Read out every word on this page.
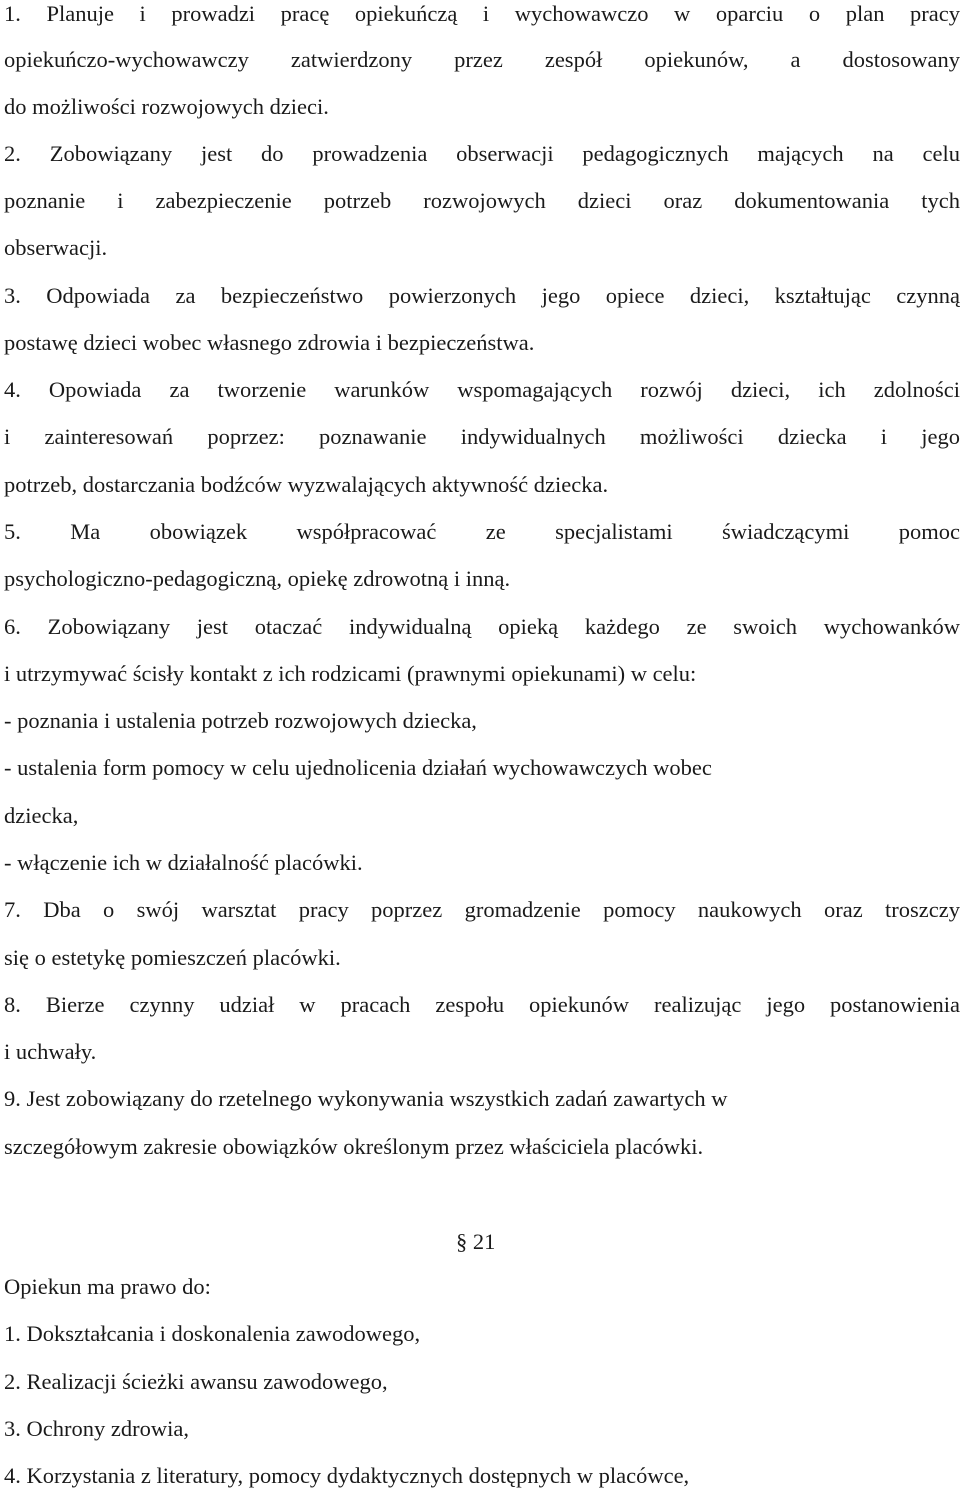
1. Planuje i prowadzi pracę opiekuńczą i wychowawczo w oparciu o plan pracy
opiekuńczo-wychowawczy zatwierdzony przez zespół opiekunów, a dostosowany
do możliwości rozwojowych dzieci.
2. Zobowiązany jest do prowadzenia obserwacji pedagogicznych mających na celu
poznanie i zabezpieczenie potrzeb rozwojowych dzieci oraz dokumentowania tych
obserwacji.
3. Odpowiada za bezpieczeństwo powierzonych jego opiece dzieci, kształtując czynną
postawę dzieci wobec własnego zdrowia i bezpieczeństwa.
4. Opowiada za tworzenie warunków wspomagających rozwój dzieci, ich zdolności
i zainteresowań poprzez: poznawanie indywidualnych możliwości dziecka i jego
potrzeb, dostarczania bodźców wyzwalających aktywność dziecka.
5. Ma obowiązek współpracować ze specjalistami świadczącymi pomoc
psychologiczno-pedagogiczną, opiekę zdrowotną i inną.
6. Zobowiązany jest otaczać indywidualną opieką każdego ze swoich wychowanków
i utrzymywać ścisły kontakt z ich rodzicami (prawnymi opiekunami) w celu:
- poznania i ustalenia potrzeb rozwojowych dziecka,
- ustalenia form pomocy w celu ujednolicenia działań wychowawczych wobec
dziecka,
- włączenie ich w działalność placówki.
7. Dba o swój warsztat pracy poprzez gromadzenie pomocy naukowych oraz troszczy
się o estetykę pomieszczeń placówki.
8. Bierze czynny udział w pracach zespołu opiekunów realizując jego postanowienia
i uchwały.
9. Jest zobowiązany do rzetelnego wykonywania wszystkich zadań zawartych w
szczegółowym zakresie obowiązków określonym przez właściciela placówki.
§ 21
Opiekun ma prawo do:
1. Dokształcania i doskonalenia zawodowego,
2. Realizacji ścieżki awansu zawodowego,
3. Ochrony zdrowia,
4. Korzystania z literatury, pomocy dydaktycznych dostępnych w placówce,
